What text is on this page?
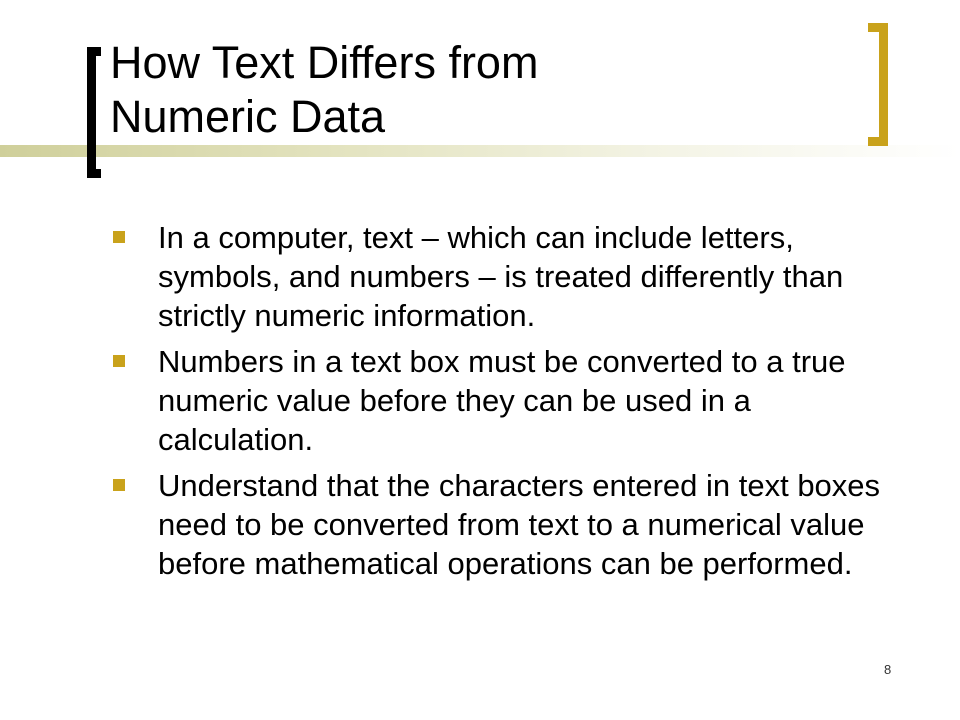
How Text Differs from
Numeric Data
In a computer, text – which can include letters, symbols, and numbers – is treated differently than strictly numeric information.
Numbers in a text box must be converted to a true numeric value before they can be used in a calculation.
Understand that the characters entered in text boxes need to be converted from text to a numerical value before mathematical operations can be performed.
8
